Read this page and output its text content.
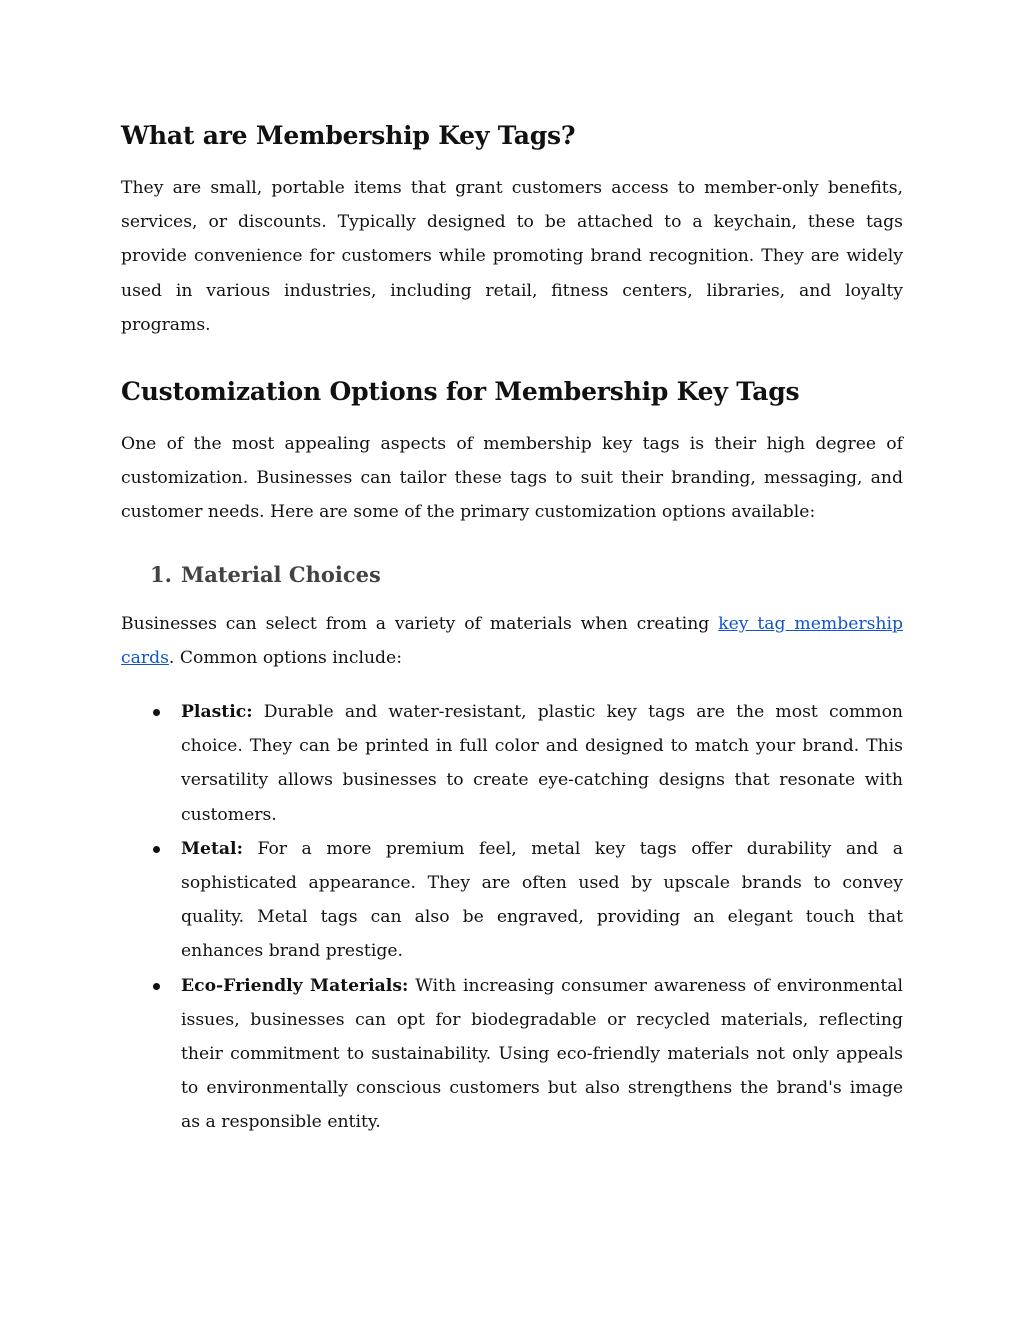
What are Membership Key Tags?

They are small, portable items that grant customers access to member-only benefits, services, or discounts. Typically designed to be attached to a keychain, these tags provide convenience for customers while promoting brand recognition. They are widely used in various industries, including retail, fitness centers, libraries, and loyalty programs.

Customization Options for Membership Key Tags

One of the most appealing aspects of membership key tags is their high degree of customization. Businesses can tailor these tags to suit their branding, messaging, and customer needs. Here are some of the primary customization options available:

1. Material Choices

Businesses can select from a variety of materials when creating key tag membership cards. Common options include:

Plastic: Durable and water-resistant, plastic key tags are the most common choice. They can be printed in full color and designed to match your brand. This versatility allows businesses to create eye-catching designs that resonate with customers.
Metal: For a more premium feel, metal key tags offer durability and a sophisticated appearance. They are often used by upscale brands to convey quality. Metal tags can also be engraved, providing an elegant touch that enhances brand prestige.
Eco-Friendly Materials: With increasing consumer awareness of environmental issues, businesses can opt for biodegradable or recycled materials, reflecting their commitment to sustainability. Using eco-friendly materials not only appeals to environmentally conscious customers but also strengthens the brand's image as a responsible entity.
